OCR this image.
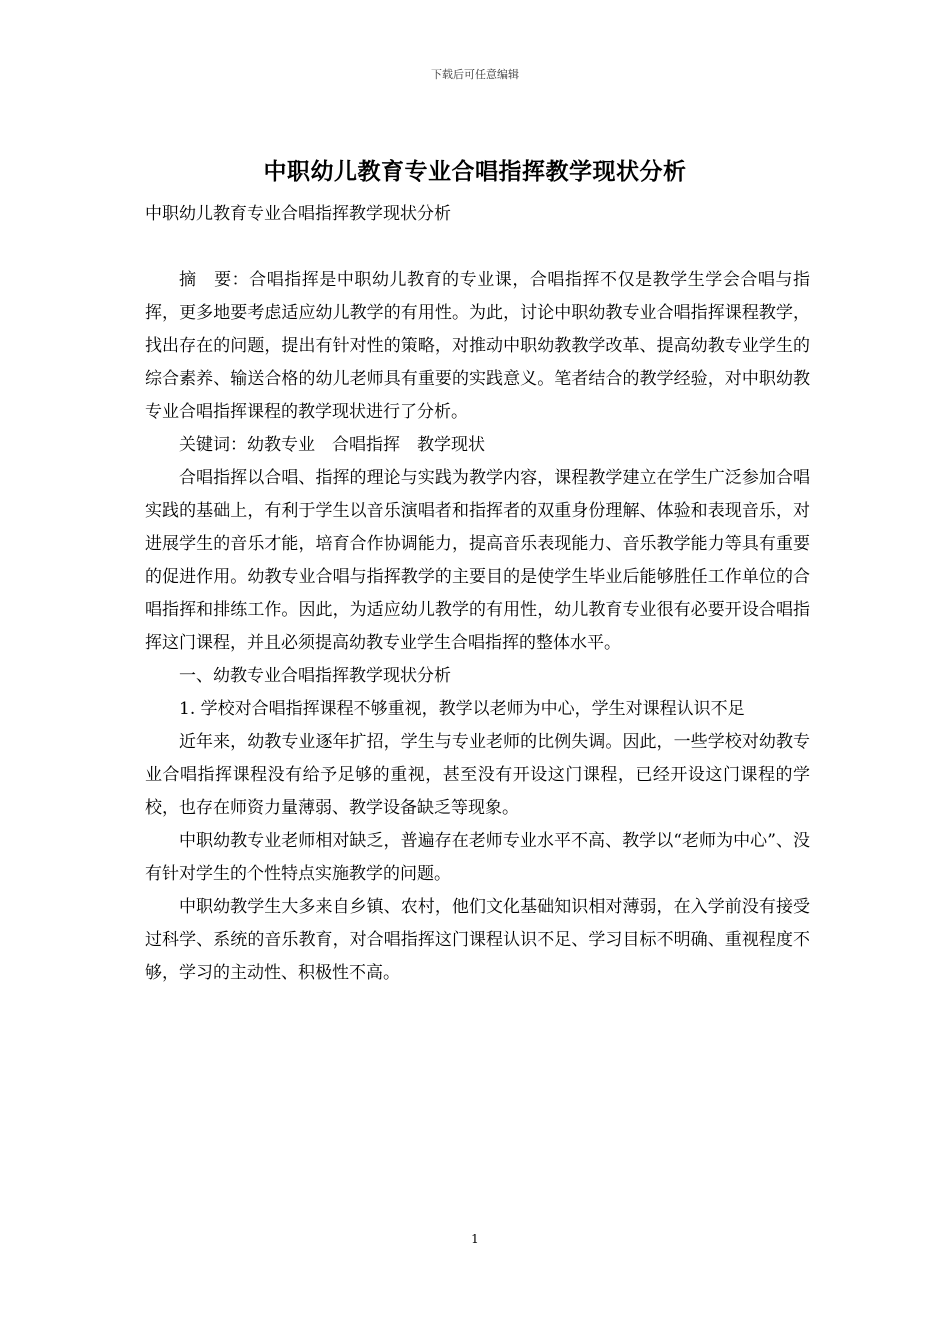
下载后可任意编辑
中职幼儿教育专业合唱指挥教学现状分析

中职幼儿教育专业合唱指挥教学现状分析

摘　要：合唱指挥是中职幼儿教育的专业课，合唱指挥不仅是教学生学会合唱与指挥，更多地要考虑适应幼儿教学的有用性。为此，讨论中职幼教专业合唱指挥课程教学，找出存在的问题，提出有针对性的策略，对推动中职幼教教学改革、提高幼教专业学生的综合素养、输送合格的幼儿老师具有重要的实践意义。笔者结合的教学经验，对中职幼教专业合唱指挥课程的教学现状进行了分析。

关键词：幼教专业　合唱指挥　教学现状

合唱指挥以合唱、指挥的理论与实践为教学内容，课程教学建立在学生广泛参加合唱实践的基础上，有利于学生以音乐演唱者和指挥者的双重身份理解、体验和表现音乐，对进展学生的音乐才能，培育合作协调能力，提高音乐表现能力、音乐教学能力等具有重要的促进作用。幼教专业合唱与指挥教学的主要目的是使学生毕业后能够胜任工作单位的合唱指挥和排练工作。因此，为适应幼儿教学的有用性，幼儿教育专业很有必要开设合唱指挥这门课程，并且必须提高幼教专业学生合唱指挥的整体水平。

一、幼教专业合唱指挥教学现状分析

1. 学校对合唱指挥课程不够重视，教学以老师为中心，学生对课程认识不足

近年来，幼教专业逐年扩招，学生与专业老师的比例失调。因此，一些学校对幼教专业合唱指挥课程没有给予足够的重视，甚至没有开设这门课程，已经开设这门课程的学校，也存在师资力量薄弱、教学设备缺乏等现象。

中职幼教专业老师相对缺乏，普遍存在老师专业水平不高、教学以“老师为中心”、没有针对学生的个性特点实施教学的问题。

中职幼教学生大多来自乡镇、农村，他们文化基础知识相对薄弱，在入学前没有接受过科学、系统的音乐教育，对合唱指挥这门课程认识不足、学习目标不明确、重视程度不够，学习的主动性、积极性不高。

1
